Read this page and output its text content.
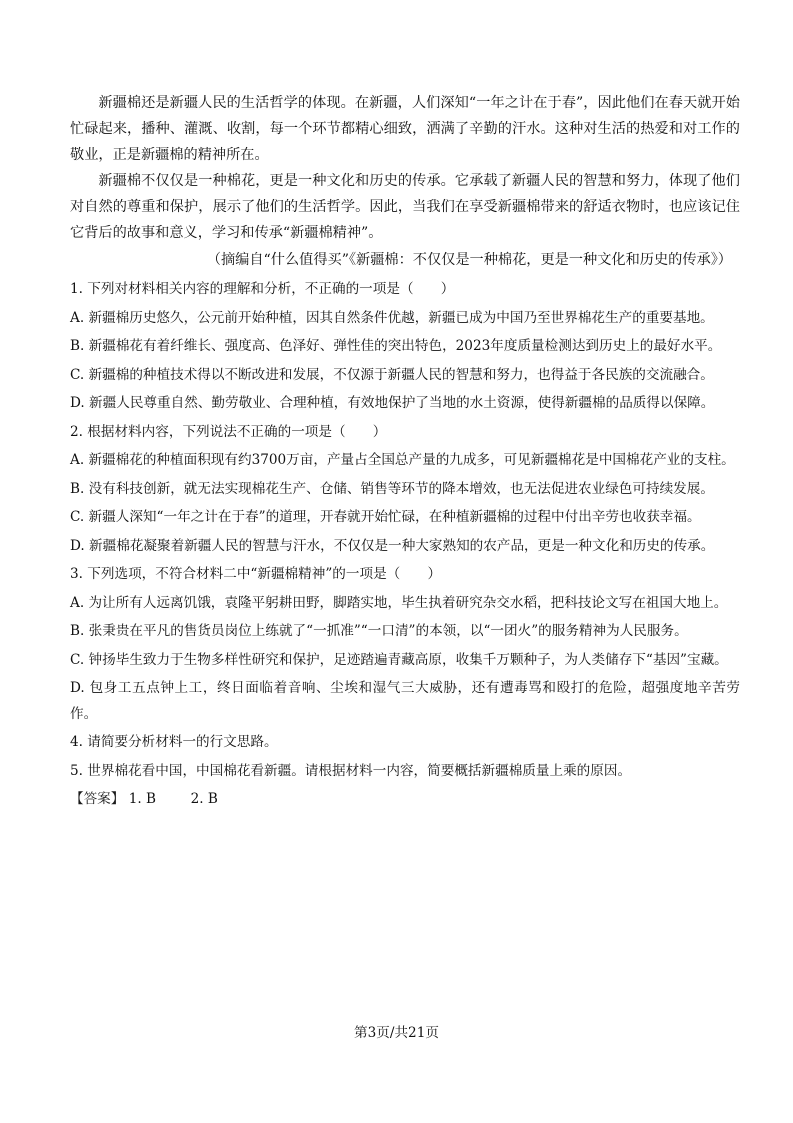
新疆棉还是新疆人民的生活哲学的体现。在新疆，人们深知“一年之计在于春”，因此他们在春天就开始忙碌起来，播种、灌溉、收割，每一个环节都精心细致，洒满了辛勤的汗水。这种对生活的热爱和对工作的敬业，正是新疆棉的精神所在。

新疆棉不仅仅是一种棉花，更是一种文化和历史的传承。它承载了新疆人民的智慧和努力，体现了他们对自然的尊重和保护，展示了他们的生活哲学。因此，当我们在享受新疆棉带来的舒适衣物时，也应该记住它背后的故事和意义，学习和传承“新疆棉精神”。

（摘编自“什么值得买”《新疆棉：不仅仅是一种棉花，更是一种文化和历史的传承》）

1. 下列对材料相关内容的理解和分析，不正确的一项是（　　）

A. 新疆棉历史悠久，公元前开始种植，因其自然条件优越，新疆已成为中国乃至世界棉花生产的重要基地。

B. 新疆棉花有着纤维长、强度高、色泽好、弹性佳的突出特色，2023年度质量检测达到历史上的最好水平。

C. 新疆棉的种植技术得以不断改进和发展，不仅源于新疆人民的智慧和努力，也得益于各民族的交流融合。

D. 新疆人民尊重自然、勤劳敬业、合理种植，有效地保护了当地的水土资源，使得新疆棉的品质得以保障。

2. 根据材料内容，下列说法不正确的一项是（　　）

A. 新疆棉花的种植面积现有约3700万亩，产量占全国总产量的九成多，可见新疆棉花是中国棉花产业的支柱。

B. 没有科技创新，就无法实现棉花生产、仓储、销售等环节的降本增效，也无法促进农业绿色可持续发展。

C. 新疆人深知“一年之计在于春”的道理，开春就开始忙碌，在种植新疆棉的过程中付出辛劳也收获幸福。

D. 新疆棉花凝聚着新疆人民的智慧与汗水，不仅仅是一种大家熟知的农产品，更是一种文化和历史的传承。

3. 下列选项，不符合材料二中“新疆棉精神”的一项是（　　）

A. 为让所有人远离饥饿，袁隆平躬耕田野，脚踏实地，毕生执着研究杂交水稻，把科技论文写在祖国大地上。

B. 张秉贵在平凡的售货员岗位上练就了“一抓准”“一口清”的本领，以“一团火”的服务精神为人民服务。

C. 钟扬毕生致力于生物多样性研究和保护，足迹踏遍青藏高原，收集千万颗种子，为人类储存下“基因”宝藏。

D. 包身工五点钟上工，终日面临着音响、尘埃和湿气三大威胁，还有遭毒骂和殴打的危险，超强度地辛苦劳作。

4. 请简要分析材料一的行文思路。

5. 世界棉花看中国，中国棉花看新疆。请根据材料一内容，简要概括新疆棉质量上乘的原因。

【答案】 1. B	2. B

第3页/共21页
